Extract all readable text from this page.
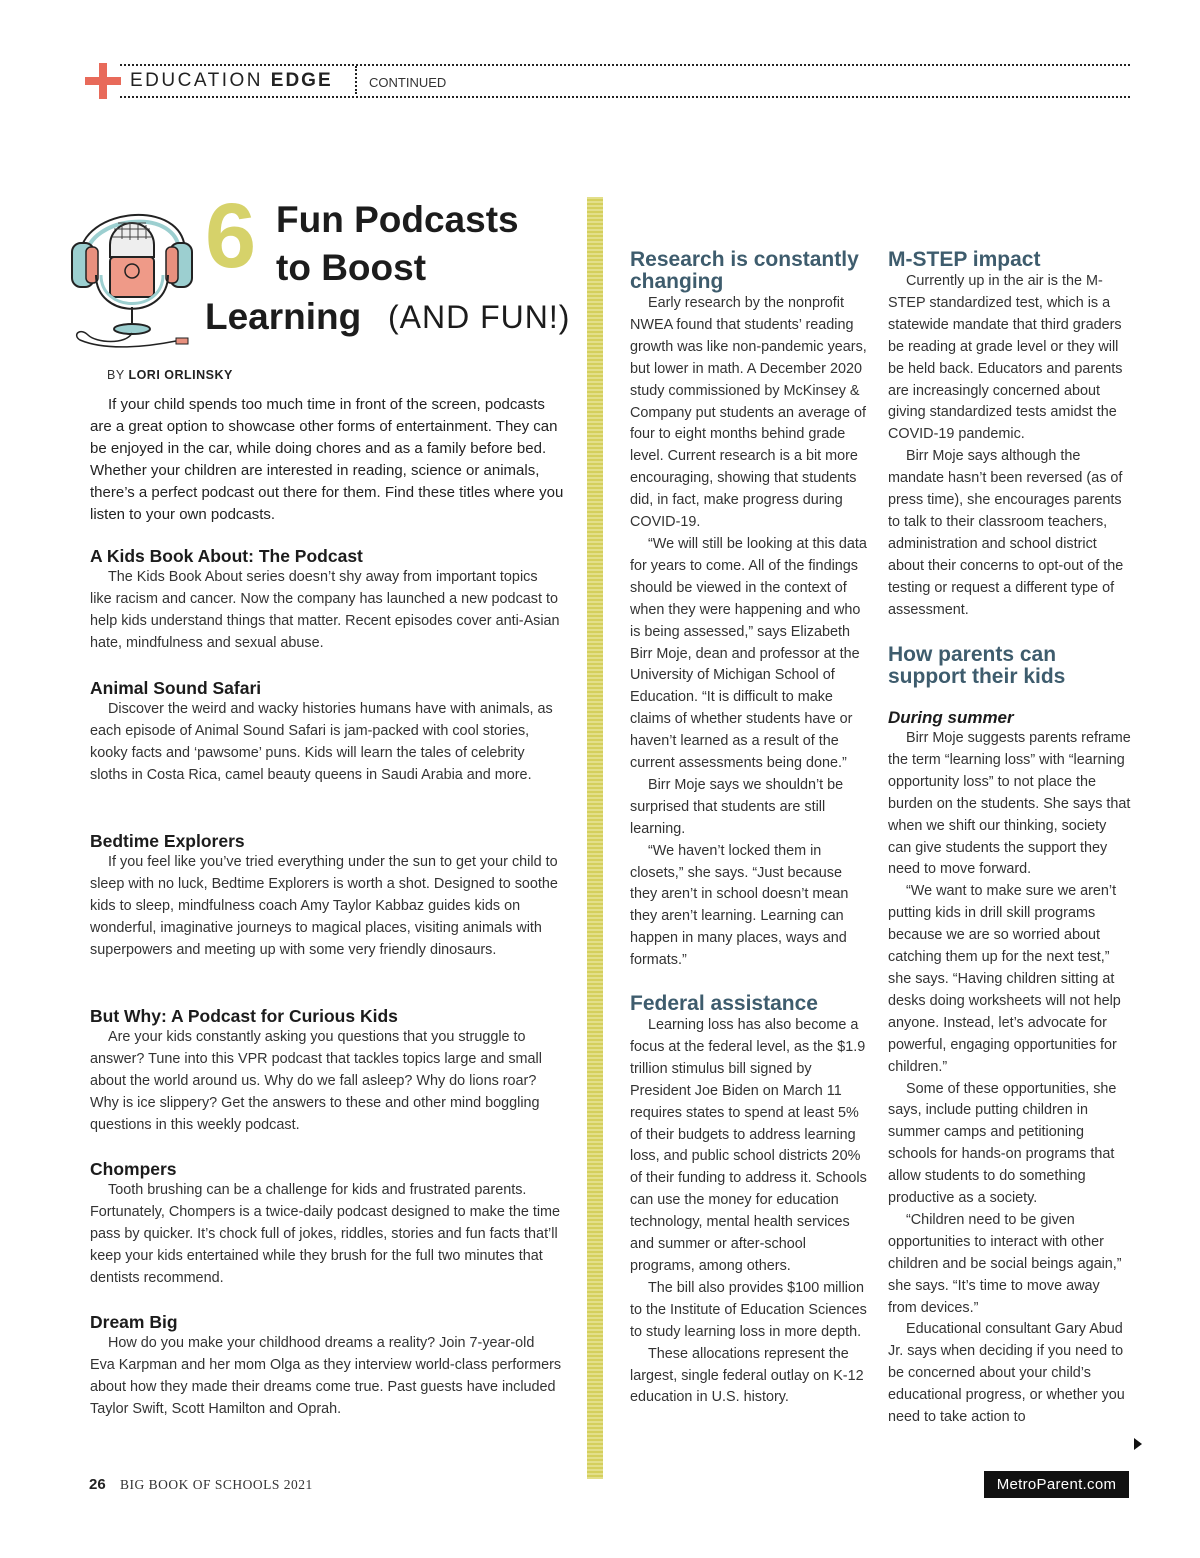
EDUCATION EDGE	CONTINUED
6 Fun Podcasts
to Boost
Learning (AND FUN!)
BY LORI ORLINSKY

If your child spends too much time in front of the screen, podcasts are a great option to showcase other forms of entertainment. They can be enjoyed in the car, while doing chores and as a family before bed. Whether your children are interested in reading, science or animals, there’s a perfect podcast out there for them. Find these titles where you listen to your own podcasts.

A Kids Book About: The Podcast

The Kids Book About series doesn’t shy away from important topics like racism and cancer. Now the company has launched a new podcast to help kids understand things that matter. Recent episodes cover anti-Asian hate, mindfulness and sexual abuse.

Animal Sound Safari

Discover the weird and wacky histories humans have with animals, as each episode of Animal Sound Safari is jam-packed with cool stories, kooky facts and ‘pawsome’ puns. Kids will learn the tales of celebrity sloths in Costa Rica, camel beauty queens in Saudi Arabia and more.

Bedtime Explorers

If you feel like you’ve tried everything under the sun to get your child to sleep with no luck, Bedtime Explorers is worth a shot. Designed to soothe kids to sleep, mindfulness coach Amy Taylor Kabbaz guides kids on wonderful, imaginative journeys to magical places, visiting animals with superpowers and meeting up with some very friendly dinosaurs.

But Why: A Podcast for Curious Kids

Are your kids constantly asking you questions that you struggle to answer? Tune into this VPR podcast that tackles topics large and small about the world around us. Why do we fall asleep? Why do lions roar? Why is ice slippery? Get the answers to these and other mind boggling questions in this weekly podcast.

Chompers

Tooth brushing can be a challenge for kids and frustrated parents. Fortunately, Chompers is a twice-daily podcast designed to make the time pass by quicker. It’s chock full of jokes, riddles, stories and fun facts that’ll keep your kids entertained while they brush for the full two minutes that dentists recommend.

Dream Big

How do you make your childhood dreams a reality? Join 7-year-old Eva Karpman and her mom Olga as they interview world-class performers about how they made their dreams come true. Past guests have included Taylor Swift, Scott Hamilton and Oprah.

Research is constantly changing

Early research by the nonprofit NWEA found that students’ reading growth was like non-pandemic years, but lower in math. A December 2020 study commissioned by McKinsey & Company put students an average of four to eight months behind grade level. Current research is a bit more encouraging, showing that students did, in fact, make progress during COVID-19.

“We will still be looking at this data for years to come. All of the findings should be viewed in the context of when they were happening and who is being assessed,” says Elizabeth Birr Moje, dean and professor at the University of Michigan School of Education. “It is difficult to make claims of whether students have or haven’t learned as a result of the current assessments being done.”

Birr Moje says we shouldn’t be surprised that students are still learning.

“We haven’t locked them in closets,” she says. “Just because they aren’t in school doesn’t mean they aren’t learning. Learning can happen in many places, ways and formats.”

Federal assistance

Learning loss has also become a focus at the federal level, as the $1.9 trillion stimulus bill signed by President Joe Biden on March 11 requires states to spend at least 5% of their budgets to address learning loss, and public school districts 20% of their funding to address it. Schools can use the money for education technology, mental health services and summer or after-school programs, among others.

The bill also provides $100 million to the Institute of Education Sciences to study learning loss in more depth.

These allocations represent the largest, single federal outlay on K-12 education in U.S. history.

M-STEP impact

Currently up in the air is the M-STEP standardized test, which is a statewide mandate that third graders be reading at grade level or they will be held back. Educators and parents are increasingly concerned about giving standardized tests amidst the COVID-19 pandemic.

Birr Moje says although the mandate hasn’t been reversed (as of press time), she encourages parents to talk to their classroom teachers, administration and school district about their concerns to opt-out of the testing or request a different type of assessment.

How parents can support their kids

During summer

Birr Moje suggests parents reframe the term “learning loss” with “learning opportunity loss” to not place the burden on the students. She says that when we shift our thinking, society can give students the support they need to move forward.

“We want to make sure we aren’t putting kids in drill skill programs because we are so worried about catching them up for the next test,” she says. “Having children sitting at desks doing worksheets will not help anyone. Instead, let’s advocate for powerful, engaging opportunities for children.”

Some of these opportunities, she says, include putting children in summer camps and petitioning schools for hands-on programs that allow students to do something productive as a society.

“Children need to be given opportunities to interact with other children and be social beings again,” she says. “It’s time to move away from devices.”

Educational consultant Gary Abud Jr. says when deciding if you need to be concerned about your child’s educational progress, or whether you need to take action to

26 BIG BOOK OF SCHOOLS 2021	MetroParent.com
